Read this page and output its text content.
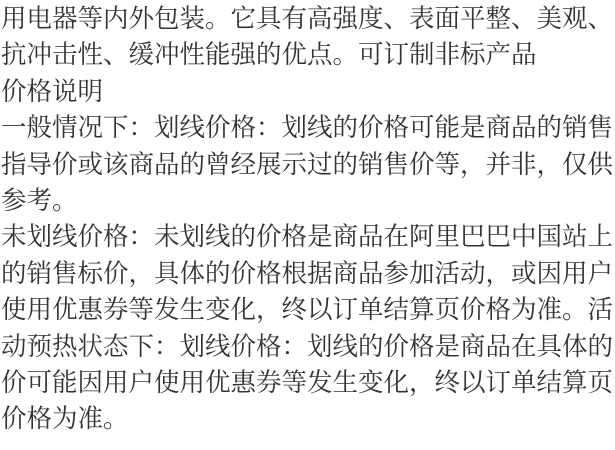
用电器等内外包装。它具有高强度、表面平整、美观、
抗冲击性、缓冲性能强的优点。可订制非标产品
价格说明
一般情况下：划线价格：划线的价格可能是商品的销售
指导价或该商品的曾经展示过的销售价等，并非，仅供
参考。
未划线价格：未划线的价格是商品在阿里巴巴中国站上
的销售标价，具体的价格根据商品参加活动，或因用户
使用优惠券等发生变化，终以订单结算页价格为准。活
动预热状态下：划线价格：划线的价格是商品在具体的
价可能因用户使用优惠券等发生变化，终以订单结算页
价格为准。
